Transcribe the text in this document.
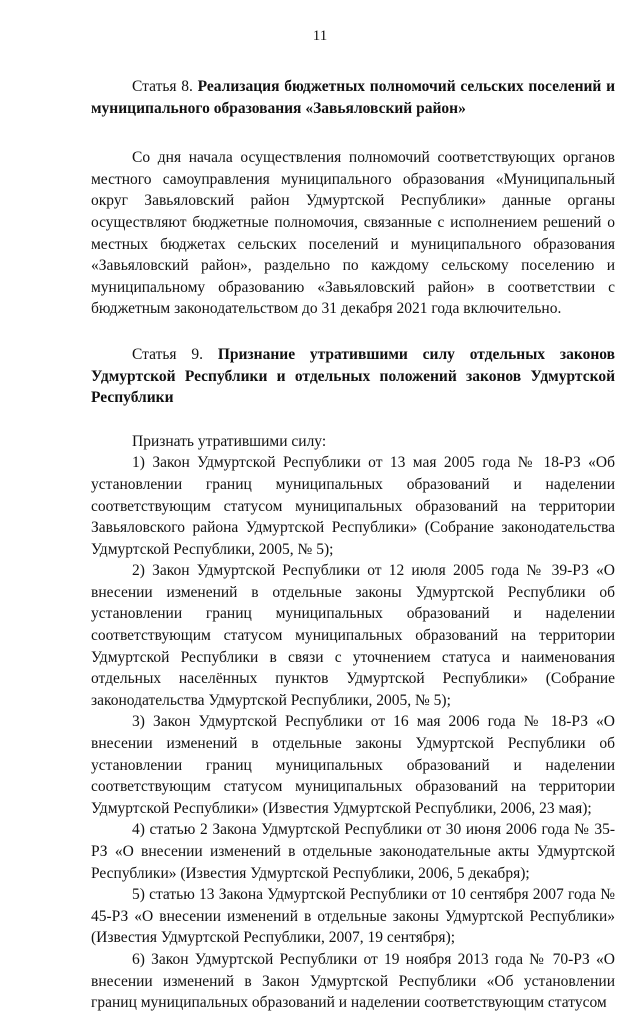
11

Статья 8. Реализация бюджетных полномочий сельских поселений и муниципального образования «Завьяловский район»

Со дня начала осуществления полномочий соответствующих органов местного самоуправления муниципального образования «Муниципальный округ Завьяловский район Удмуртской Республики» данные органы осуществляют бюджетные полномочия, связанные с исполнением решений о местных бюджетах сельских поселений и муниципального образования «Завьяловский район», раздельно по каждому сельскому поселению и муниципальному образованию «Завьяловский район» в соответствии с бюджетным законодательством до 31 декабря 2021 года включительно.

Статья 9. Признание утратившими силу отдельных законов Удмуртской Республики и отдельных положений законов Удмуртской Республики

Признать утратившими силу:

1) Закон Удмуртской Республики от 13 мая 2005 года № 18-РЗ «Об установлении границ муниципальных образований и наделении соответствующим статусом муниципальных образований на территории Завьяловского района Удмуртской Республики» (Собрание законодательства Удмуртской Республики, 2005, № 5);

2) Закон Удмуртской Республики от 12 июля 2005 года № 39-РЗ «О внесении изменений в отдельные законы Удмуртской Республики об установлении границ муниципальных образований и наделении соответствующим статусом муниципальных образований на территории Удмуртской Республики в связи с уточнением статуса и наименования отдельных населённых пунктов Удмуртской Республики» (Собрание законодательства Удмуртской Республики, 2005, № 5);

3) Закон Удмуртской Республики от 16 мая 2006 года № 18-РЗ «О внесении изменений в отдельные законы Удмуртской Республики об установлении границ муниципальных образований и наделении соответствующим статусом муниципальных образований на территории Удмуртской Республики» (Известия Удмуртской Республики, 2006, 23 мая);

4) статью 2 Закона Удмуртской Республики от 30 июня 2006 года № 35-РЗ «О внесении изменений в отдельные законодательные акты Удмуртской Республики» (Известия Удмуртской Республики, 2006, 5 декабря);

5) статью 13 Закона Удмуртской Республики от 10 сентября 2007 года № 45-РЗ «О внесении изменений в отдельные законы Удмуртской Республики» (Известия Удмуртской Республики, 2007, 19 сентября);

6) Закон Удмуртской Республики от 19 ноября 2013 года № 70-РЗ «О внесении изменений в Закон Удмуртской Республики «Об установлении границ муниципальных образований и наделении соответствующим статусом
